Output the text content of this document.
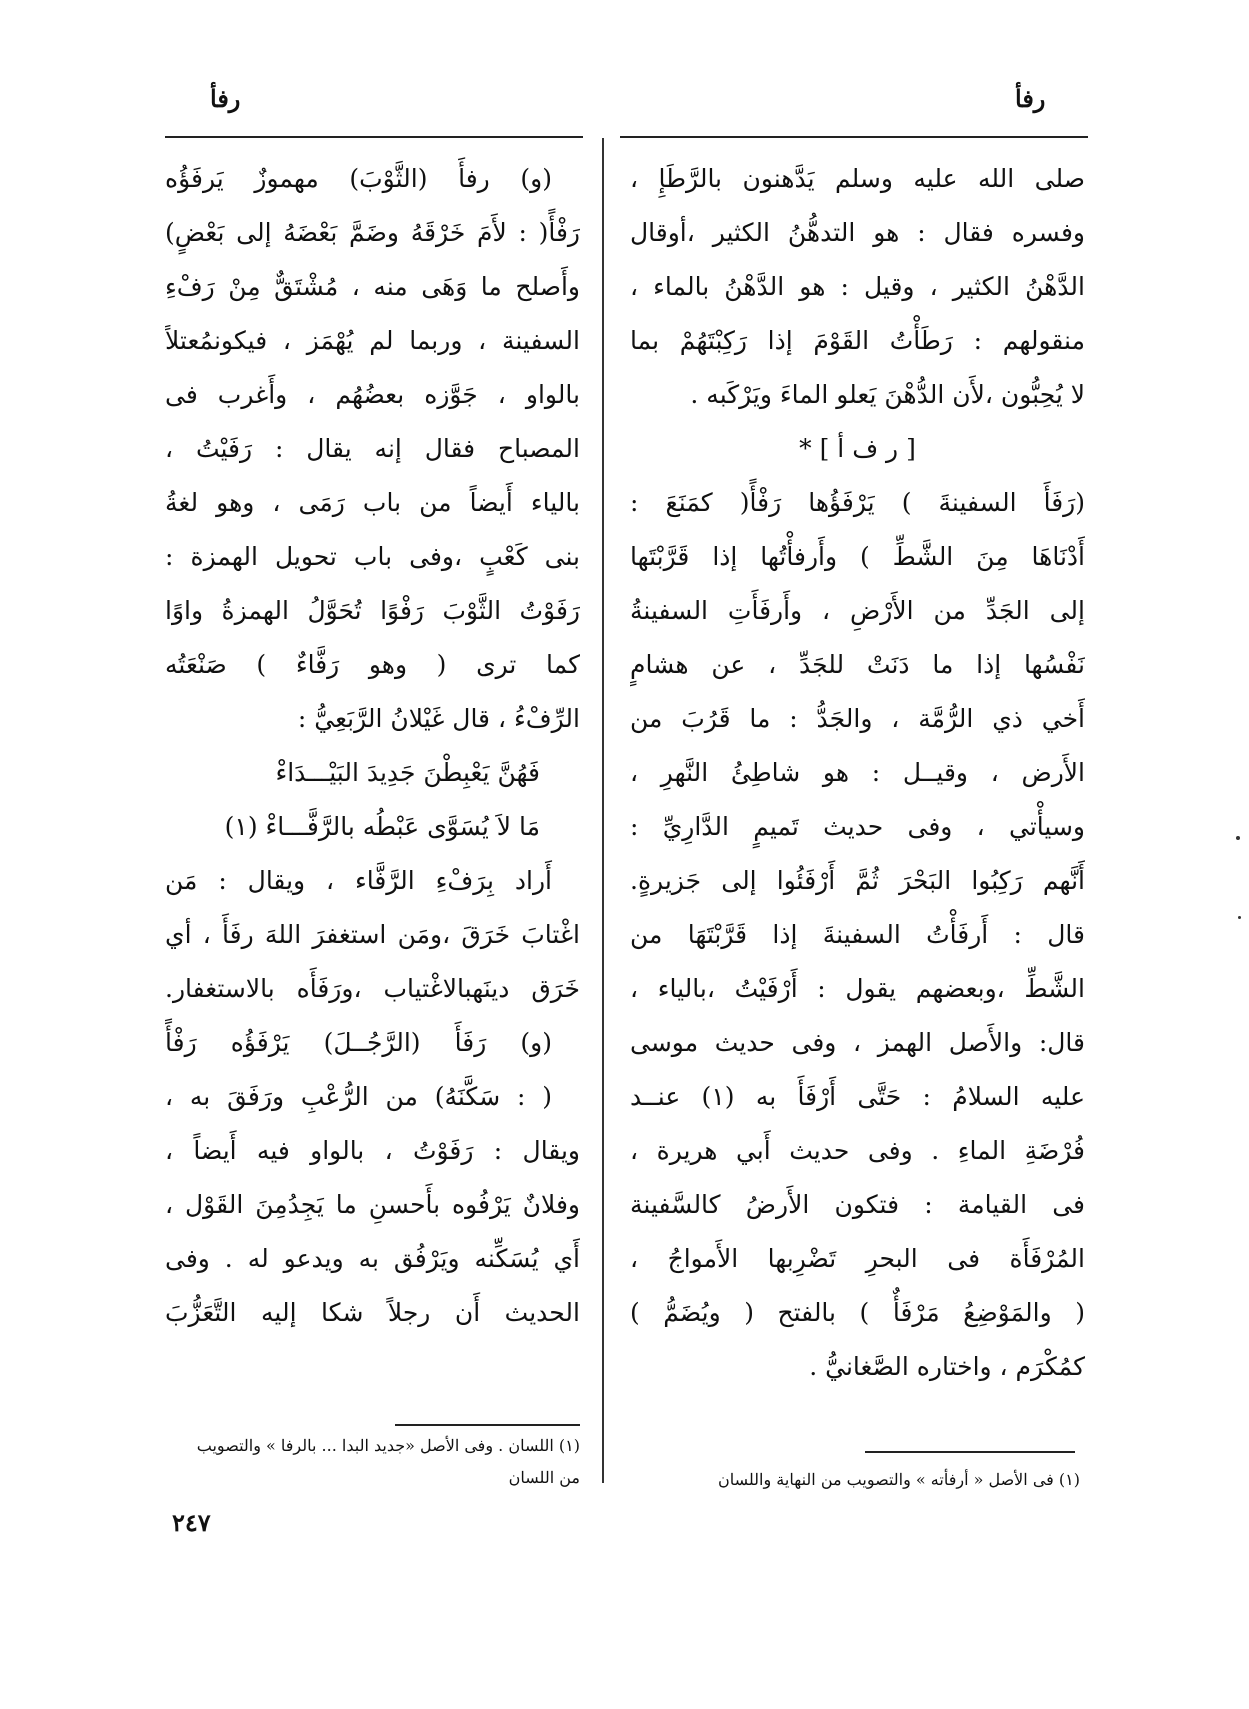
رفأ	رفأ
صلى الله عليه وسلم يَدَّهنون بالرَّطَإِ ،
وفسره فقال : هو التدهُّنُ الكثير ،أوقال
الدَّهْنُ الكثير ، وقيل : هو الدَّهْنُ بالماء ،
منقولهم : رَطَأْتُ القَوْمَ إذا رَكِبْتَهُمْ بما
لا يُحِبُّون ،لأَن الدُّهْنَ يَعلو الماءَ ويَرْكَبه .
[ ر ف أ ] *
(رَفَأَ السفينةَ ) يَرْفَؤُها رَفْأً( كمَنَعَ :
أَدْنَاهَا مِنَ الشَّطِّ ) وأَرفأْتُها إذا قَرَّبْتَها
إلى الجَدِّ من الأَرْضِ ، وأَرفَأَتِ السفينةُ
نَفْسُها إذا ما دَنَتْ للجَدِّ ، عن هشامٍ
أَخي ذي الرُّمَّة ، والجَدُّ : ما قَرُبَ من
الأَرض ، وقيــل : هو شاطِئُ النَّهرِ ،
وسيأْتي ، وفى حديث تَميمٍ الدَّارِيِّ :
أَنَّهم رَكِبُوا البَحْرَ ثُمَّ أَرْفَئُوا إلى جَزيرةٍ.
قال : أَرفَأْتُ السفينةَ إذا قَرَّبْتَهَا من
الشَّطِّ ،وبعضهم يقول : أَرْفَيْتُ ،بالياء ،
قال: والأَصل الهمز ، وفى حديث موسى
عليه السلامُ : حَتَّى أَرْفَأَ به (١) عنــد
فُرْضَةِ الماءِ . وفى حديث أَبي هريرة ،
فى القيامة : فتكون الأَرضُ كالسَّفينة
المُرْفَأَة فى البحرِ تَضْرِبها الأَمواجُ ،
( والمَوْضِعُ مَرْفَأٌ ) بالفتح ( ويُضَمُّ )
كمُكْرَم ، واختاره الصَّغانيُّ .
(و) رفأَ (الثَّوْبَ) مهموزٌ يَرفَؤُه
رَفْأً( : لأَمَ خَرْقَهُ وضَمَّ بَعْضَهُ إلى بَعْضٍ)
وأَصلح ما وَهَى منه ، مُشْتَقٌّ مِنْ رَفْءِ
السفينة ، وربما لم يُهْمَز ، فيكونمُعتلاً
بالواو ، جَوَّزه بعضُهُم ، وأَغرب فى
المصباح فقال إنه يقال : رَفَيْتُ ،
بالياء أَيضاً من باب رَمَى ، وهو لغةُ
بنى كَعْبٍ ،وفى باب تحويل الهمزة :
رَفَوْتُ الثَّوْبَ رَفْوًا تُحَوَّلُ الهمزةُ واوًا
كما ترى ( وهو رَفَّاءٌ ) صَنْعَتُه
الرِّفْءُ ، قال غَيْلانُ الرَّبَعِيُّ :
فَهُنَّ يَعْبِطْنَ جَدِيدَ البَيْـــدَاءْ
مَا لاَ يُسَوَّى عَبْطُه بالرَّفَّـــاءْ (١)
أَراد بِرَفْءِ الرَّفَّاء ، ويقال : مَن
اغْتابَ خَرَقَ ،ومَن استغفرَ اللهَ رفَأَ ، أي
خَرَق دينَهبالاغْتياب ،ورَفَأَه بالاستغفار.
(و) رَفَأَ (الرَّجُــلَ) يَرْفَؤُه رَفْأً
( : سَكَّنَهُ) من الرُّعْبِ ورَفَقَ به ،
ويقال : رَفَوْتُ ، بالواو فيه أَيضاً ،
وفلانٌ يَرْفُوه بأَحسنِ ما يَجِدُمِنَ القَوْل ،
أَي يُسَكِّنه ويَرْفُق به ويدعو له . وفى
الحديث أَن رجلاً شكا إليه التَّعَزُّبَ
(١) فى الأصل « أرفأته » والتصويب من النهاية واللسان
(١) اللسان . وفى الأصل «جديد البدا ... بالرفا » والتصويب
من اللسان
٢٤٧
